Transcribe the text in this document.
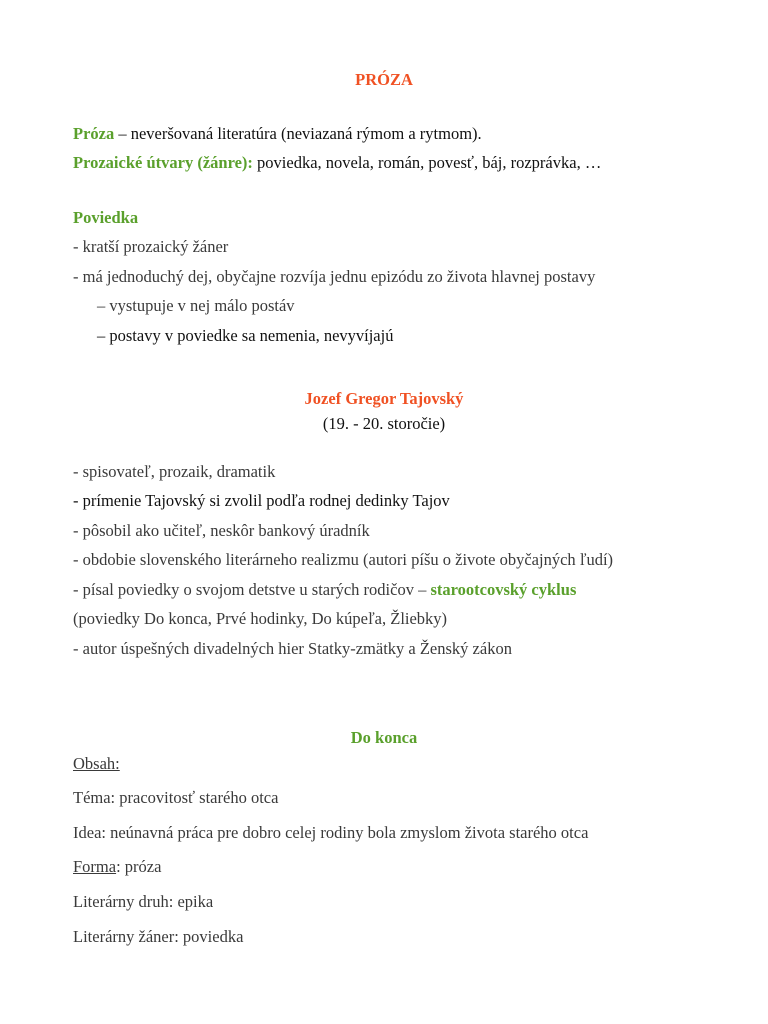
PRÓZA
Próza – neveršovaná literatúra (neviazaná rýmom a rytmom).
Prozaické útvary (žánre): poviedka, novela, román, povesť, báj, rozprávka, …
Poviedka
- kratší prozaický žáner
- má jednoduchý dej, obyčajne rozvíja jednu epizódu zo života hlavnej postavy
– vystupuje v nej málo postáv
– postavy v poviedke sa nemenia, nevyvíjajú
Jozef Gregor Tajovský
(19. - 20. storočie)
- spisovateľ, prozaik, dramatik
- prímenie Tajovský si zvolil podľa rodnej dedinky Tajov
- pôsobil ako učiteľ, neskôr bankový úradník
- obdobie slovenského literárneho realizmu (autori píšu o živote obyčajných ľudí)
- písal poviedky o svojom detstve u starých rodičov – starootcovský cyklus
(poviedky Do konca, Prvé hodinky, Do kúpeľa, Žliebky)
- autor úspešných divadelných hier Statky-zmätky a Ženský zákon
Do konca
Obsah:
Téma: pracovitosť starého otca
Idea: neúnavná práca pre dobro celej rodiny bola zmyslom života starého otca
Forma: próza
Literárny druh: epika
Literárny žáner: poviedka
